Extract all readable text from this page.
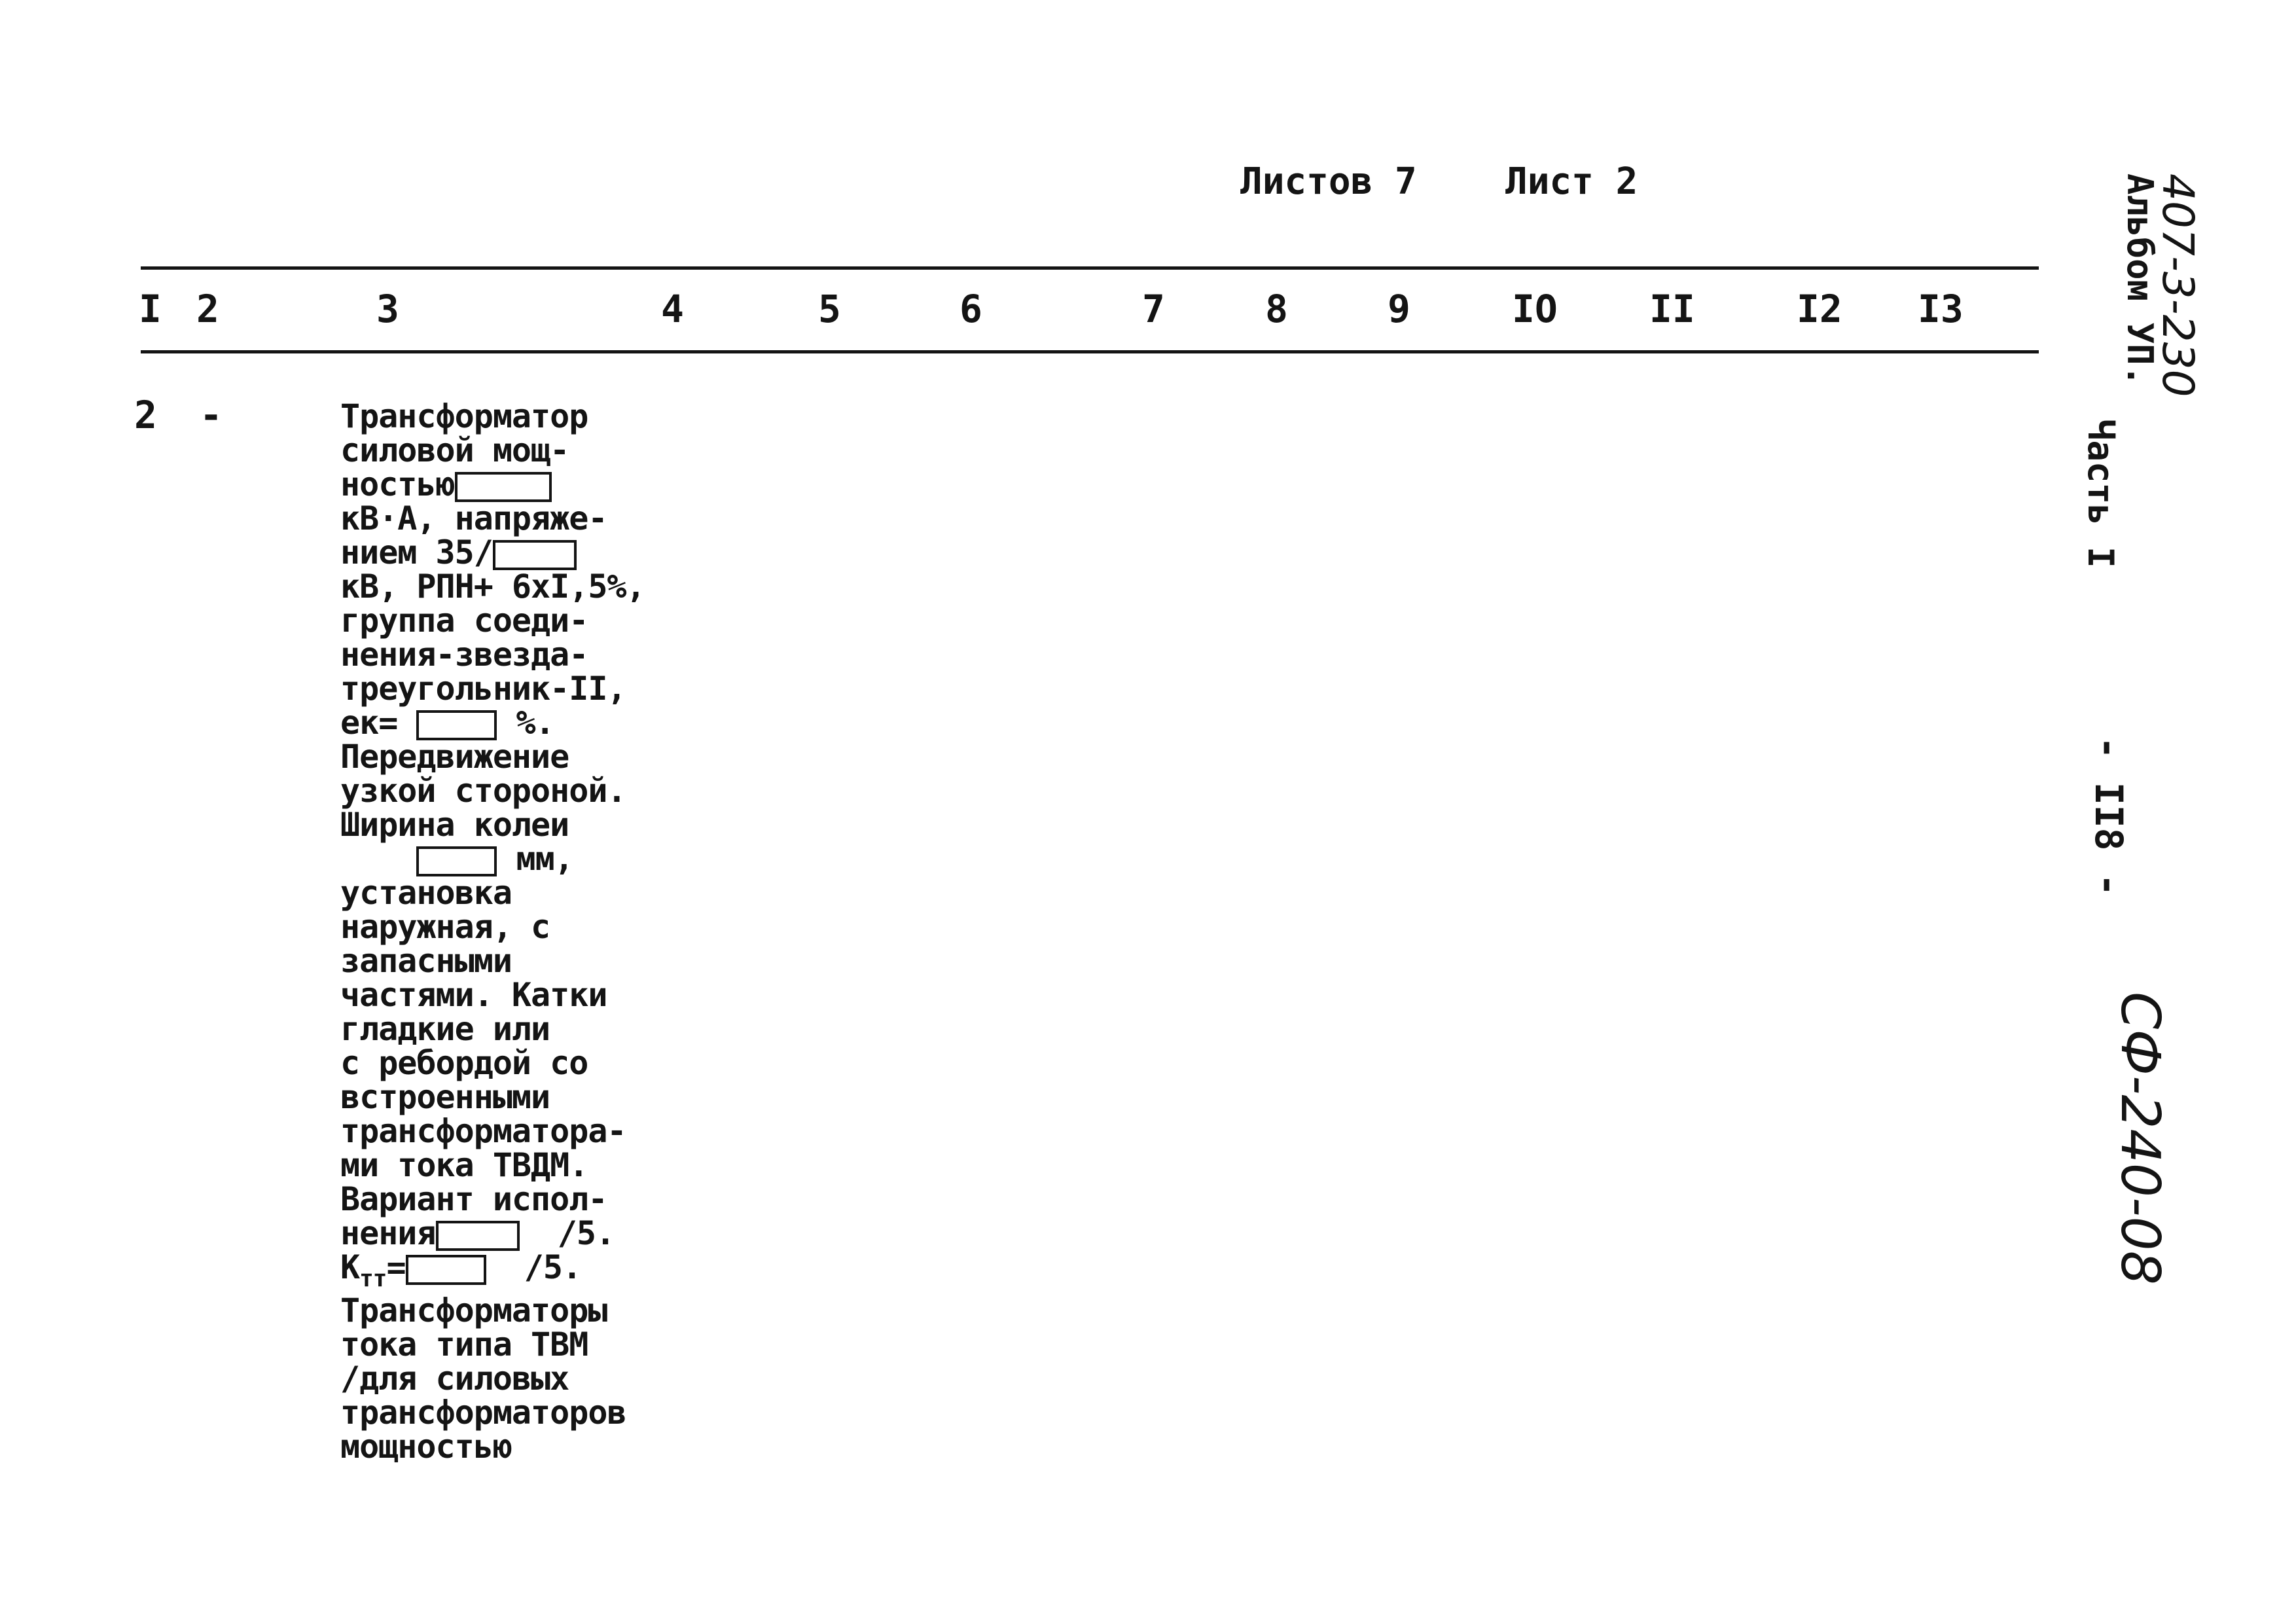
Листов 7 Лист 2
I 2	3	4	5	6	7	8	9	IO II	I2 I3
2 -	Трансформатор
силовой мощ-
ностью
кВ·А, напряже-
нием 35/
кВ, РПН+ 6хI,5%,
группа соеди-
нения-звезда-
треугольник-II,
ек=	%.
Передвижение
узкой стороной.
Ширина колеи
мм,
установка
наружная, с
запасными
частями. Катки
гладкие или
с ребордой со
встроенными
трансформатора-
ми тока ТВДМ.
Вариант испол-
нения	/5.
$К_{тт}=$	/5.
Трансформаторы
тока типа ТВМ
/для силовых
трансформаторов
мощностью
407-3-230
Альбом УП.
Часть I
- II8 -
СФ-240-08
